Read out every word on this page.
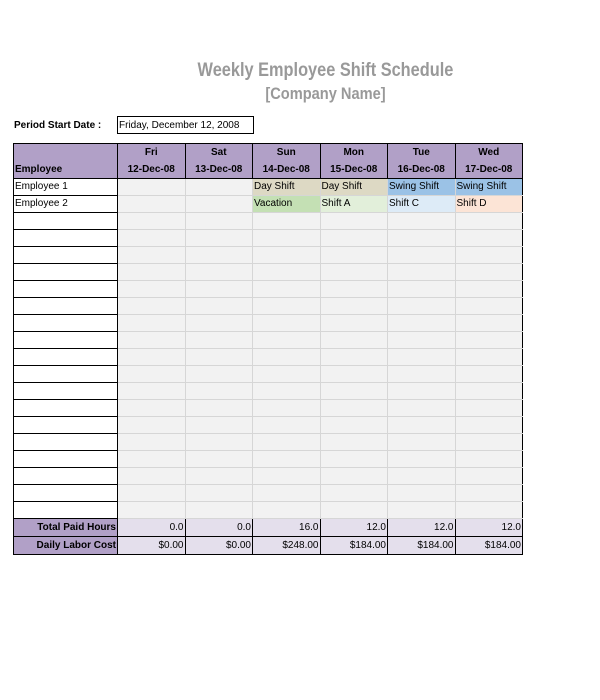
Weekly Employee Shift Schedule
[Company Name]
Period Start Date : Friday, December 12, 2008
	Fri	Sat	Sun	Mon	Tue	Wed
Employee	12-Dec-08	13-Dec-08	14-Dec-08	15-Dec-08	16-Dec-08	17-Dec-08
Employee 1			Day Shift	Day Shift	Swing Shift	Swing Shift
Employee 2			Vacation	Shift A	Shift C	Shift D

Total Paid Hours	0.0	0.0	16.0	12.0	12.0	12.0
Daily Labor Cost	$0.00	$0.00	$248.00	$184.00	$184.00	$184.00
